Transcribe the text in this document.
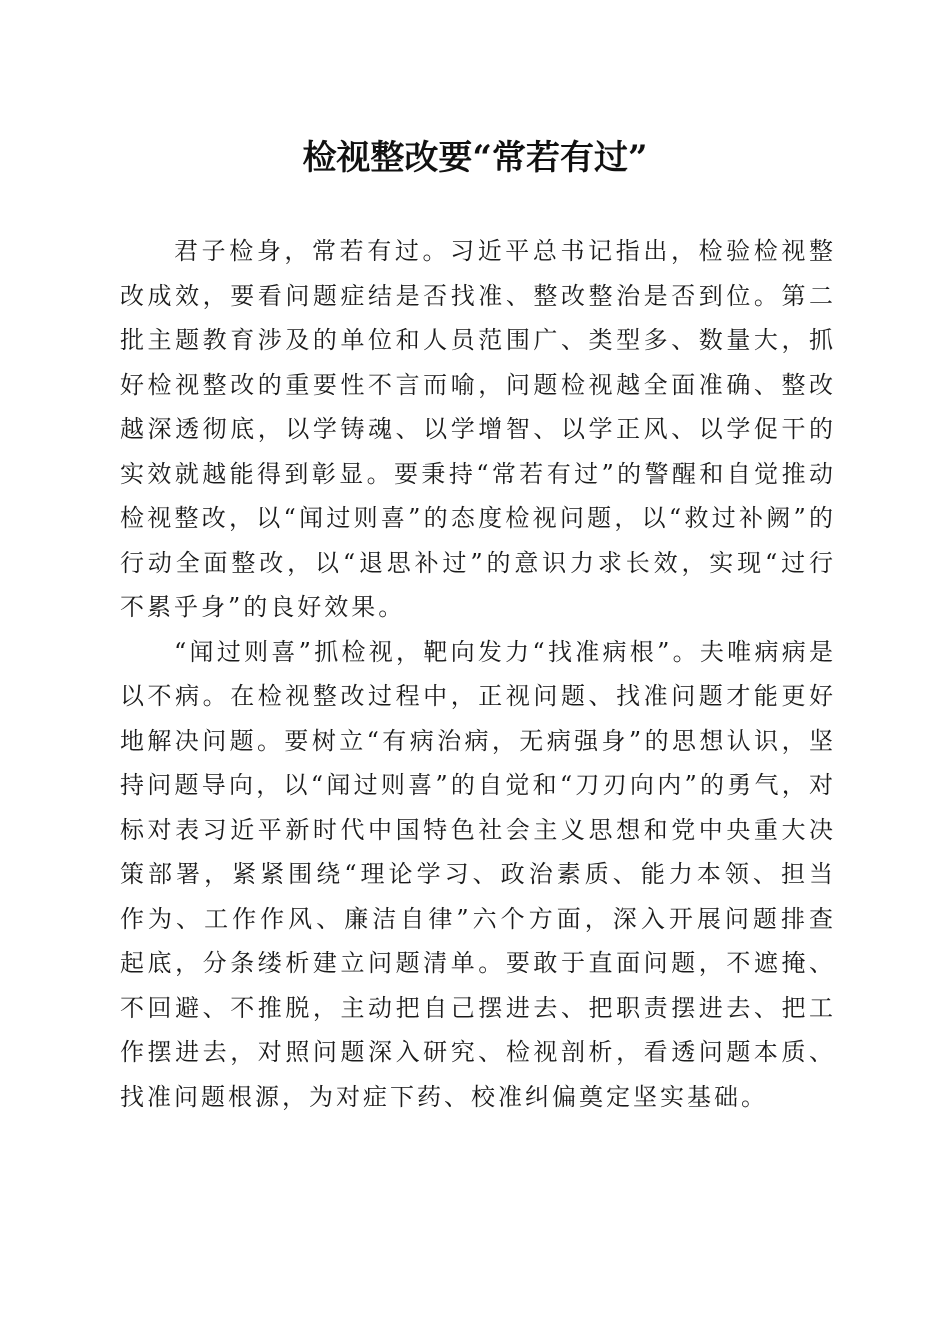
检视整改要“常若有过”

君子检身，常若有过。习近平总书记指出，检验检视整改成效，要看问题症结是否找准、整改整治是否到位。第二批主题教育涉及的单位和人员范围广、类型多、数量大，抓好检视整改的重要性不言而喻，问题检视越全面准确、整改越深透彻底，以学铸魂、以学增智、以学正风、以学促干的实效就越能得到彰显。要秉持“常若有过”的警醒和自觉推动检视整改，以“闻过则喜”的态度检视问题，以“救过补阙”的行动全面整改，以“退思补过”的意识力求长效，实现“过行不累乎身”的良好效果。

“闻过则喜”抓检视，靶向发力“找准病根”。夫唯病病是以不病。在检视整改过程中，正视问题、找准问题才能更好地解决问题。要树立“有病治病，无病强身”的思想认识，坚持问题导向，以“闻过则喜”的自觉和“刀刃向内”的勇气，对标对表习近平新时代中国特色社会主义思想和党中央重大决策部署，紧紧围绕“理论学习、政治素质、能力本领、担当作为、工作作风、廉洁自律”六个方面，深入开展问题排查起底，分条缕析建立问题清单。要敢于直面问题，不遮掩、不回避、不推脱，主动把自己摆进去、把职责摆进去、把工作摆进去，对照问题深入研究、检视剖析，看透问题本质、找准问题根源，为对症下药、校准纠偏奠定坚实基础。
